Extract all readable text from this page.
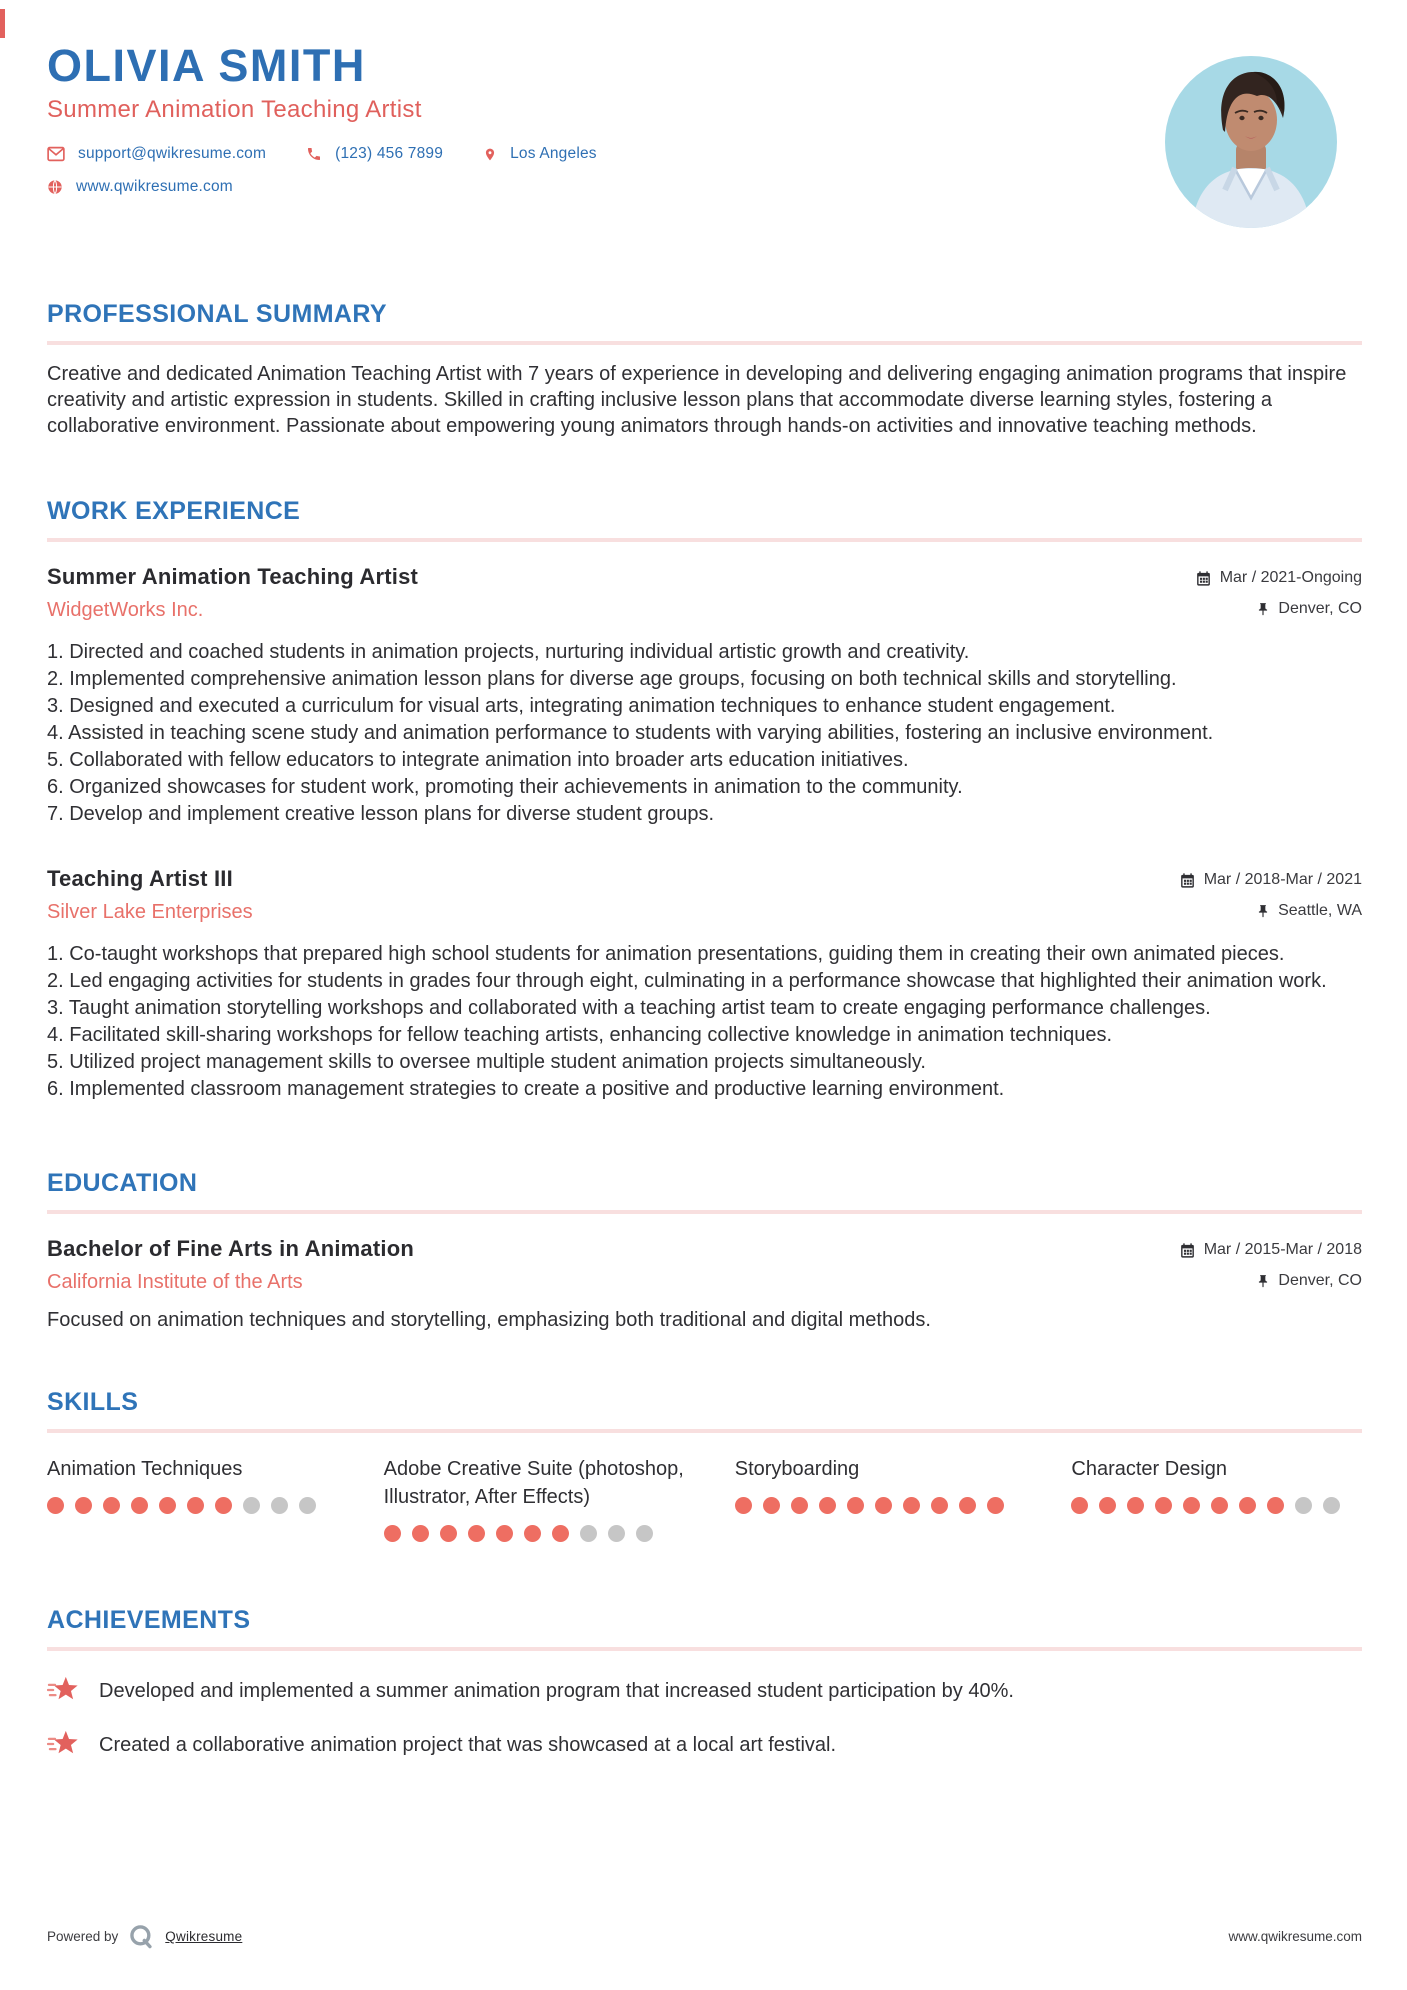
OLIVIA SMITH
Summer Animation Teaching Artist
support@qwikresume.com	(123) 456 7899	Los Angeles
www.qwikresume.com
PROFESSIONAL SUMMARY

Creative and dedicated Animation Teaching Artist with 7 years of experience in developing and delivering engaging animation programs that inspire creativity and artistic expression in students. Skilled in crafting inclusive lesson plans that accommodate diverse learning styles, fostering a collaborative environment. Passionate about empowering young animators through hands-on activities and innovative teaching methods.

WORK EXPERIENCE
Summer Animation Teaching Artist	Mar / 2021-Ongoing
WidgetWorks Inc.	Denver, CO
1. Directed and coached students in animation projects, nurturing individual artistic growth and creativity.
2. Implemented comprehensive animation lesson plans for diverse age groups, focusing on both technical skills and storytelling.
3. Designed and executed a curriculum for visual arts, integrating animation techniques to enhance student engagement.
4. Assisted in teaching scene study and animation performance to students with varying abilities, fostering an inclusive environment.
5. Collaborated with fellow educators to integrate animation into broader arts education initiatives.
6. Organized showcases for student work, promoting their achievements in animation to the community.
7. Develop and implement creative lesson plans for diverse student groups.
Teaching Artist III	Mar / 2018-Mar / 2021
Silver Lake Enterprises	Seattle, WA
1. Co-taught workshops that prepared high school students for animation presentations, guiding them in creating their own animated pieces.
2. Led engaging activities for students in grades four through eight, culminating in a performance showcase that highlighted their animation work.
3. Taught animation storytelling workshops and collaborated with a teaching artist team to create engaging performance challenges.
4. Facilitated skill-sharing workshops for fellow teaching artists, enhancing collective knowledge in animation techniques.
5. Utilized project management skills to oversee multiple student animation projects simultaneously.
6. Implemented classroom management strategies to create a positive and productive learning environment.
EDUCATION
Bachelor of Fine Arts in Animation	Mar / 2015-Mar / 2018
California Institute of the Arts	Denver, CO

Focused on animation techniques and storytelling, emphasizing both traditional and digital methods.

SKILLS
Animation Techniques	Adobe Creative Suite (photoshop, Illustrator, After Effects)
Storyboarding	Character Design
ACHIEVEMENTS
Developed and implemented a summer animation program that increased student participation by 40%.
Created a collaborative animation project that was showcased at a local art festival.
Powered by	Qwikresume	www.qwikresume.com
